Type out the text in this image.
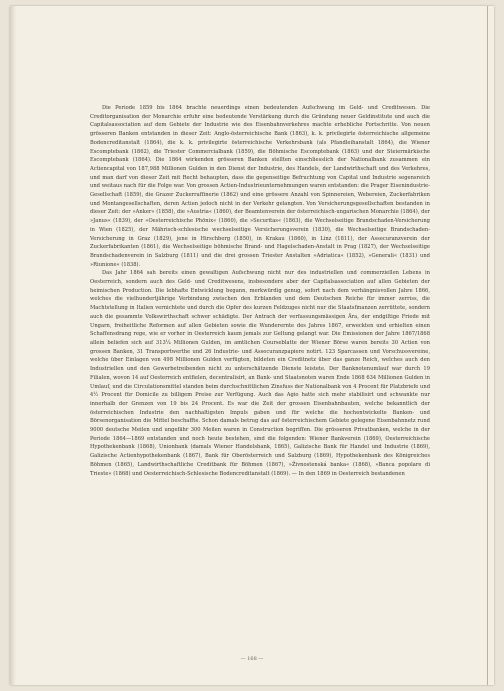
Die Periode 1859 bis 1864 brachte neuerdings einen bedeutenden Aufschwung im Geld- und Creditwesen. Die Creditorganisation der Monarchie erfuhr eine bedeutende Verstärkung durch die Gründung neuer Geldinstitute und auch die Capitalsassociation auf dem Gebiete der Industrie wie des Eisenbahnverkehres machte erhebliche Fortschritte. Von neuen grösseren Banken entstanden in dieser Zeit: Anglo-österreichische Bank (1863), k. k. privilegirte österreichische allgemeine Bodencreditanstalt (1864), die k. k. privilegirte österreichische Verkehrsbank (als Pfandleihanstalt 1864), die Wiener Escomptebank (1862), die Triester Commercialbank (1859), die Böhmische Escomptebank (1863) und der Steiermärkische Escomptebank (1864). Die 1864 wirkenden grösseren Banken stellten einschliesslich der Nationalbank zusammen ein Actiencapital von 187,988 Millionen Gulden in den Dienst der Industrie, des Handels, der Landwirthschaft und des Verkehres, und man darf von dieser Zeit mit Recht behaupten, dass die gegenseitige Befruchtung von Capital und Industrie segensreich und weitaus nach für die Folge war. Von grossen Actien-Industrieunternehmungen waren entstanden: die Prager Eisenindustrie-Gesellschaft (1859), die Grazer Zuckerraffinerie (1862) und eine grössere Anzahl von Spinnereien, Webereien, Zuckerfabriken und Montangesellschaften, deren Actien jedoch nicht in der Verkehr gelangten. Von Versicherungsgesellschaften bestanden in dieser Zeit: der »Anker« (1858), die »Austria« (1860), der Beamtenverein der österreichisch-ungarischen Monarchie (1864), der »Janus« (1839), der »Oesterreichische Phönix« (1860), die »Securitas« (1863), die Wechselseitige Brandschaden-Versicherung in Wien (1825), der Mährisch-schlesische wechselseitige Versicherungsverein (1830), die Wechselseitige Brandschaden-Versicherung in Graz (1829), jene in Hirschberg (1850), in Krakau (1860), in Linz (1811), der Assecuranzverein der Zuckerfabrikanten (1861), die Wechselseitige böhmische Brand- und Hagelschaden-Anstalt in Prag (1827), der Wechselseitige Brandschadenverein in Salzburg (1811) und die drei grossen Triester Anstalten »Adriatica« (1852), »Generali« (1831) und »Riunione« (1838).

Das Jahr 1864 sah bereits einen gewaltigen Aufschwung nicht nur des industriellen und commerziellen Lebens in Oesterreich, sondern auch des Geld- und Creditwesens, insbesondere aber der Capitalsassociation auf allen Gebieten der heimischen Production. Die lebhafte Entwicklung begann, merkwürdig genug, sofort nach dem verhängnisvollen Jahre 1866, welches die vielhundertjährige Verbindung zwischen den Erblanden und dem Deutschen Reiche für immer zerriss, die Machtstellung in Italien vernichtete und durch die Opfer des kurzen Feldzuges nicht nur die Staatsfinanzen zerrüttete, sondern auch die gesammte Volkswirthschaft schwer schädigte. Der Antrach der verfassungsmässigen Ära, der endgiltige Friede mit Ungarn, freiheitliche Reformen auf allen Gebieten sowie die Wunderernte des Jahres 1867, erweckten und erhielten einen Schaffensdrang rege, wie er vorher in Oesterreich kaum jemals zur Geltung gelangt war. Die Emissionen der Jahre 1867/1868 allein beliefen sich auf 313¼ Millionen Gulden, im amtlichen Courseblatte der Wiener Börse waren bereits 30 Actien von grossen Banken, 31 Transportwerthe und 26 Industrie- und Assecuranzpapiere notirt. 123 Sparcassen und Vorschussvereine, welche über Einlagen von 498 Millionen Gulden verfügten, bildeten ein Creditnetz über das ganze Reich, welches auch den Industriellen und den Gewerbetreibenden nicht zu unterschätzende Dienste leistete. Der Banknotenumlauf war durch 19 Filialen, wovon 14 auf Oesterreich entfielen, decentralisirt, an Bank- und Staatsnoten waren Ende 1868 634 Millionen Gulden in Umlauf, und die Circulationsmittel standen beim durchschnittlichen Zinsfuss der Nationalbank von 4 Procent für Platzbriefe und 4½ Procent für Domicile zu billigem Preise zur Verfügung. Auch das Agio hatte sich mehr stabilisirt und schwankte nur innerhalb der Grenzen von 19 bis 24 Procent. Es war die Zeit der grossen Eisenbahnbauten, welche bekanntlich der österreichischen Industrie den nachhaltigsten Impuls gaben und für welche die hochentwickelte Banken- und Börsenorganisation die Mittel beschaffte. Schon damals betrug das auf österreichischem Gebiete gelegene Eisenbahnnetz rund 9000 deutsche Meilen und ungefähr 300 Meilen waren in Construction begriffen. Die grösseren Privatbanken, welche in der Periode 1864—1869 entstanden und noch heute bestehen, sind die folgenden: Wiener Bankverein (1869), Oesterreichische Hypothekenbank (1868), Unionbank (damals Wiener Handelsbank, 1865), Galizische Bank für Handel und Industrie (1869), Galizische Actienhypothekenbank (1867), Bank für Oberösterreich und Salzburg (1869), Hypothekenbank des Königreiches Böhmen (1865), Landwirthschaftliche Creditbank für Böhmen (1867), »Živnostenská banka« (1868), »Banca popolare di Trieste« (1868) und Oesterreichisch-Schlesische Bodencreditanstalt (1869). — In den 1869 in Oesterreich bestandenen

— 168 —
